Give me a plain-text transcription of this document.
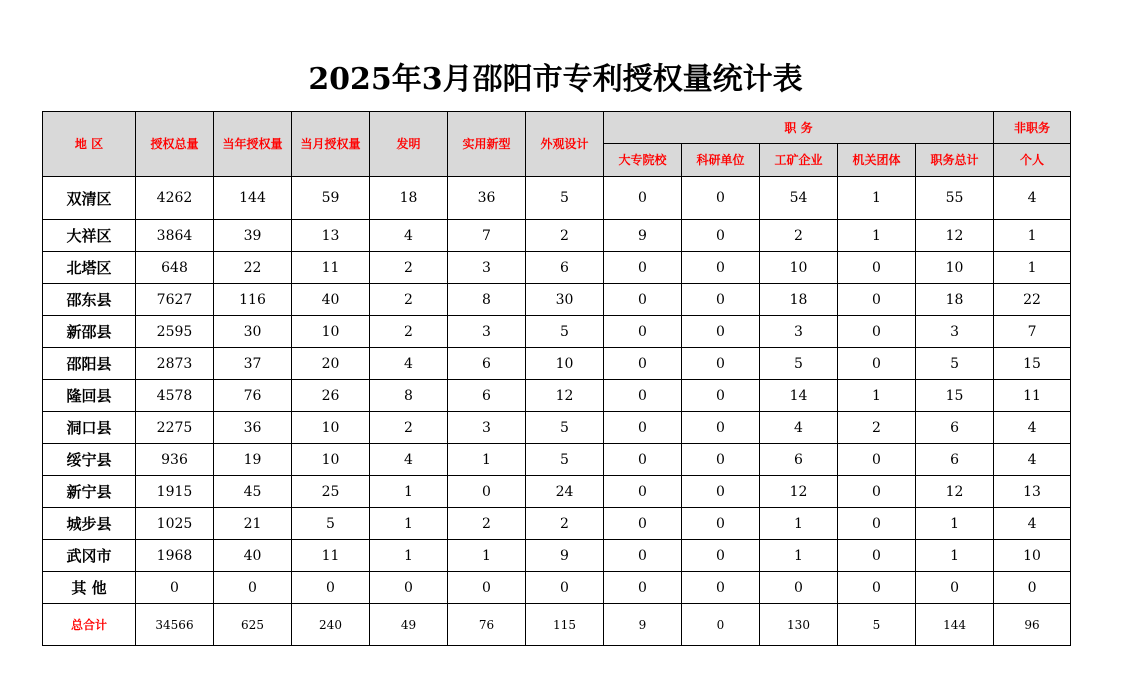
2025年3月邵阳市专利授权量统计表
地 区	授权总量	当年授权量	当月授权量	发明	实用新型	外观设计	职 务					非职务
							大专院校	科研单位	工矿企业	机关团体	职务总计	个人
双清区	4262	144	59	18	36	5	0	0	54	1	55	4
大祥区	3864	39	13	4	7	2	9	0	2	1	12	1
北塔区	648	22	11	2	3	6	0	0	10	0	10	1
邵东县	7627	116	40	2	8	30	0	0	18	0	18	22
新邵县	2595	30	10	2	3	5	0	0	3	0	3	7
邵阳县	2873	37	20	4	6	10	0	0	5	0	5	15
隆回县	4578	76	26	8	6	12	0	0	14	1	15	11
洞口县	2275	36	10	2	3	5	0	0	4	2	6	4
绥宁县	936	19	10	4	1	5	0	0	6	0	6	4
新宁县	1915	45	25	1	0	24	0	0	12	0	12	13
城步县	1025	21	5	1	2	2	0	0	1	0	1	4
武冈市	1968	40	11	1	1	9	0	0	1	0	1	10
其 他	0	0	0	0	0	0	0	0	0	0	0	0
总合计	34566	625	240	49	76	115	9	0	130	5	144	96
